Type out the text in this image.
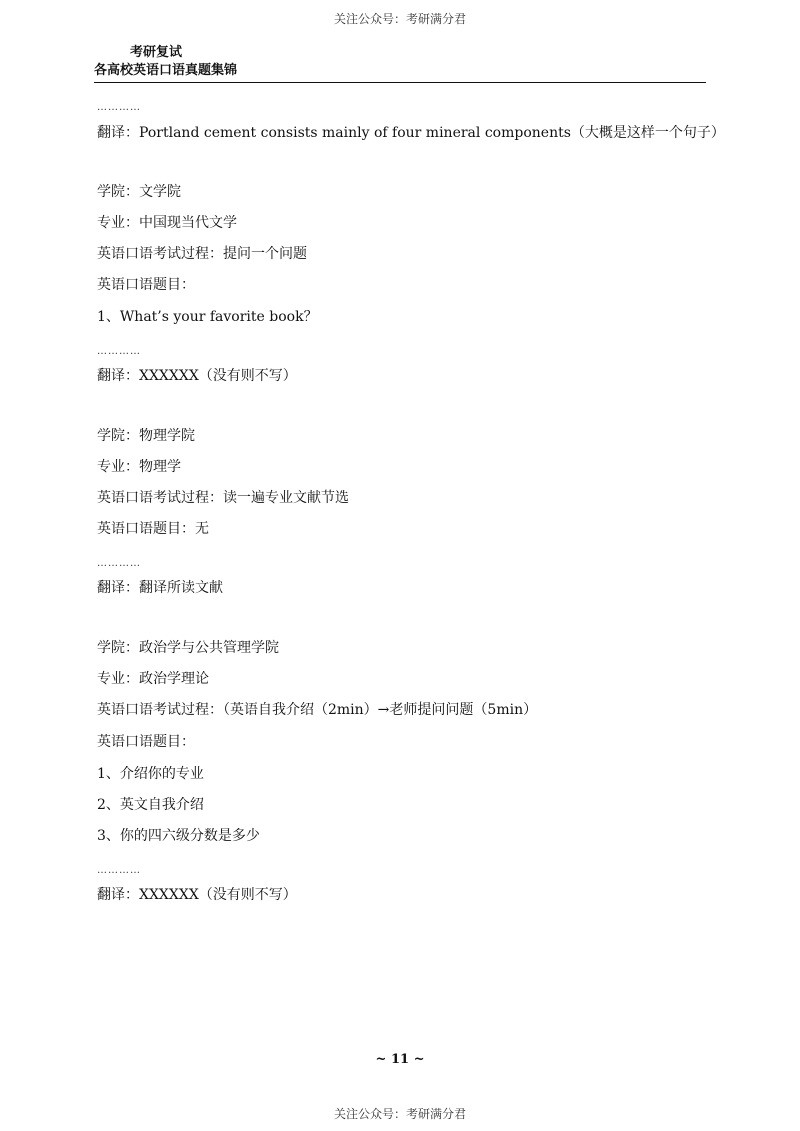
关注公众号：考研满分君
考研复试
各高校英语口语真题集锦
…………
翻译：Portland cement consists mainly of four mineral components（大概是这样一个句子）
学院：文学院
专业：中国现当代文学
英语口语考试过程：提问一个问题
英语口语题目：
1、What’s your favorite book？
…………
翻译：XXXXXX（没有则不写）
学院：物理学院
专业：物理学
英语口语考试过程：读一遍专业文献节选
英语口语题目：无
…………
翻译：翻译所读文献
学院：政治学与公共管理学院
专业：政治学理论
英语口语考试过程：（英语自我介绍（2min）→老师提问问题（5min）
英语口语题目：
1、介绍你的专业
2、英文自我介绍
3、你的四六级分数是多少
…………
翻译：XXXXXX（没有则不写）
~ 11 ~
关注公众号：考研满分君
